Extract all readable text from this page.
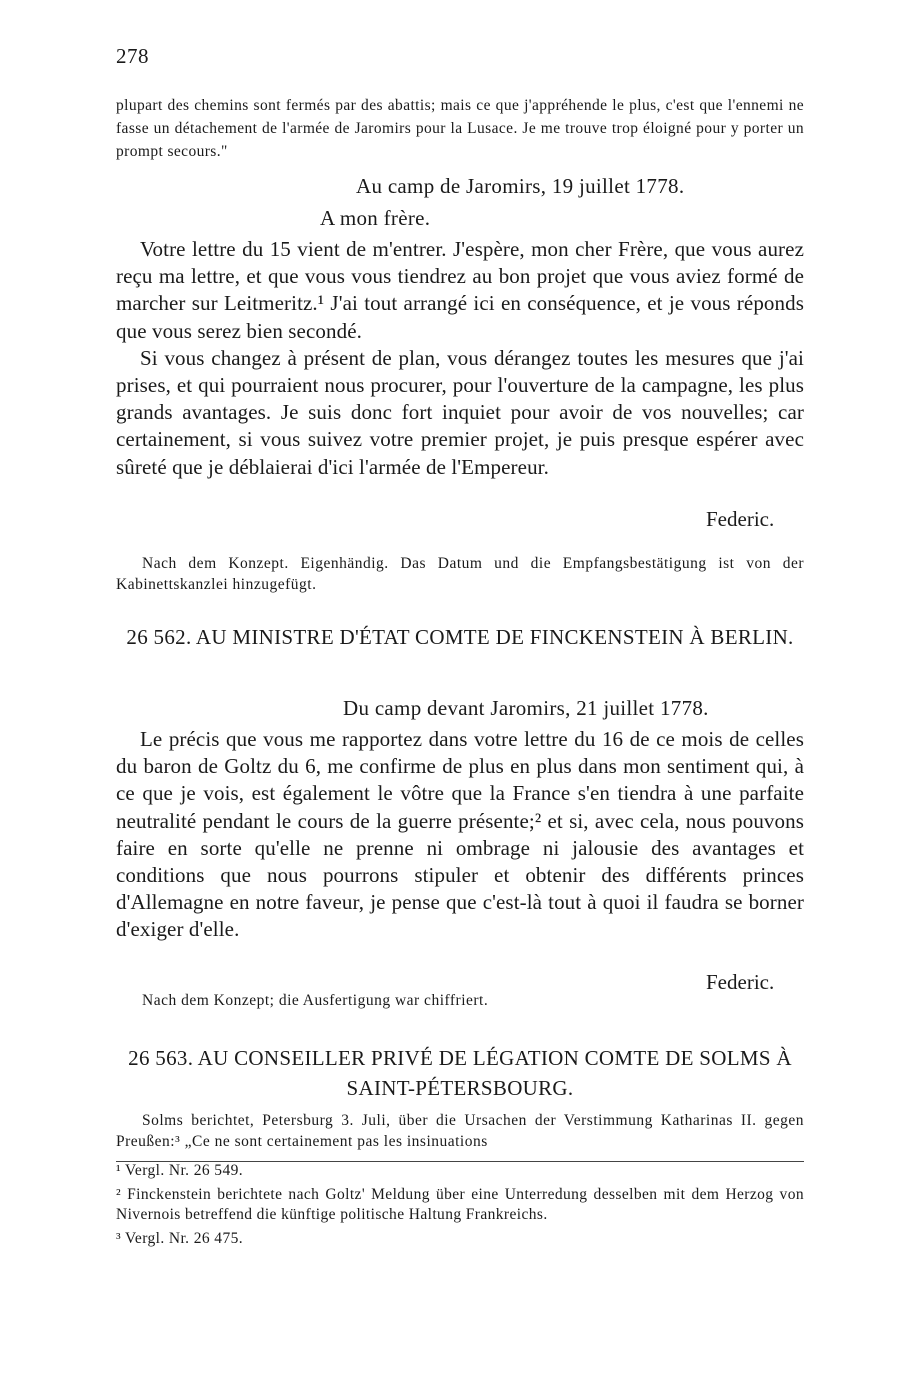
278

plupart des chemins sont fermés par des abattis; mais ce que j'appréhende le plus, c'est que l'ennemi ne fasse un détachement de l'armée de Jaromirs pour la Lusace. Je me trouve trop éloigné pour y porter un prompt secours."

Au camp de Jaromirs, 19 juillet 1778.
A mon frère.

Votre lettre du 15 vient de m'entrer. J'espère, mon cher Frère, que vous aurez reçu ma lettre, et que vous vous tiendrez au bon projet que vous aviez formé de marcher sur Leitmeritz.¹ J'ai tout arrangé ici en conséquence, et je vous réponds que vous serez bien secondé.

Si vous changez à présent de plan, vous dérangez toutes les mesures que j'ai prises, et qui pourraient nous procurer, pour l'ouverture de la campagne, les plus grands avantages. Je suis donc fort inquiet pour avoir de vos nouvelles; car certainement, si vous suivez votre premier projet, je puis presque espérer avec sûreté que je déblaierai d'ici l'armée de l'Empereur.

Federic.
Nach dem Konzept. Eigenhändig. Das Datum und die Empfangsbestätigung ist von der Kabinettskanzlei hinzugefügt.
26 562. AU MINISTRE D'ÉTAT COMTE DE FINCKENSTEIN À BERLIN.
Du camp devant Jaromirs, 21 juillet 1778.

Le précis que vous me rapportez dans votre lettre du 16 de ce mois de celles du baron de Goltz du 6, me confirme de plus en plus dans mon sentiment qui, à ce que je vois, est également le vôtre que la France s'en tiendra à une parfaite neutralité pendant le cours de la guerre présente;² et si, avec cela, nous pouvons faire en sorte qu'elle ne prenne ni ombrage ni jalousie des avantages et conditions que nous pourrons stipuler et obtenir des différents princes d'Allemagne en notre faveur, je pense que c'est-là tout à quoi il faudra se borner d'exiger d'elle.

Federic.
Nach dem Konzept; die Ausfertigung war chiffriert.
26 563. AU CONSEILLER PRIVÉ DE LÉGATION COMTE DE SOLMS À SAINT-PÉTERSBOURG.
Solms berichtet, Petersburg 3. Juli, über die Ursachen der Verstimmung Katharinas II. gegen Preußen:³ „Ce ne sont certainement pas les insinuations

¹ Vergl. Nr. 26 549.

² Finckenstein berichtete nach Goltz' Meldung über eine Unterredung desselben mit dem Herzog von Nivernois betreffend die künftige politische Haltung Frankreichs.

³ Vergl. Nr. 26 475.
